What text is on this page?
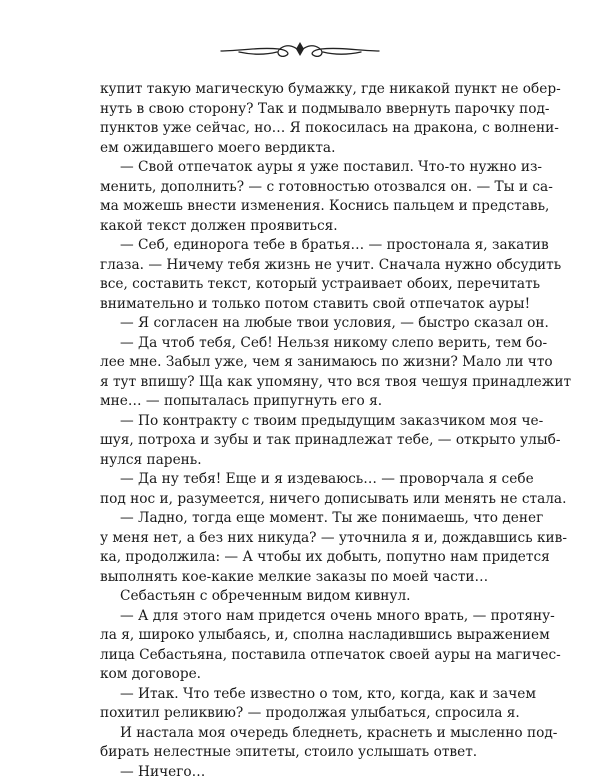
купит такую магическую бумажку, где никакой пункт не обер-
нуть в свою сторону? Так и подмывало ввернуть парочку под-
пунктов уже сейчас, но… Я покосилась на дракона, с волнени-
ем ожидавшего моего вердикта.
— Свой отпечаток ауры я уже поставил. Что-то нужно из-
менить, дополнить? — с готовностью отозвался он. — Ты и са-
ма можешь внести изменения. Коснись пальцем и представь,
какой текст должен проявиться.
— Себ, единорога тебе в братья… — простонала я, закатив
глаза. — Ничему тебя жизнь не учит. Сначала нужно обсудить
все, составить текст, который устраивает обоих, перечитать
внимательно и только потом ставить свой отпечаток ауры!
— Я согласен на любые твои условия, — быстро сказал он.
— Да чтоб тебя, Себ! Нельзя никому слепо верить, тем бо-
лее мне. Забыл уже, чем я занимаюсь по жизни? Мало ли что
я тут впишу? Ща как упомяну, что вся твоя чешуя принадлежит
мне… — попыталась припугнуть его я.
— По контракту с твоим предыдущим заказчиком моя че-
шуя, потроха и зубы и так принадлежат тебе, — открыто улыб-
нулся парень.
— Да ну тебя! Еще и я издеваюсь… — проворчала я себе
под нос и, разумеется, ничего дописывать или менять не стала.
— Ладно, тогда еще момент. Ты же понимаешь, что денег
у меня нет, а без них никуда? — уточнила я и, дождавшись кив-
ка, продолжила: — А чтобы их добыть, попутно нам придется
выполнять кое-какие мелкие заказы по моей части…
Себастьян с обреченным видом кивнул.
— А для этого нам придется очень много врать, — протяну-
ла я, широко улыбаясь, и, сполна насладившись выражением
лица Себастьяна, поставила отпечаток своей ауры на магичес-
ком договоре.
— Итак. Что тебе известно о том, кто, когда, как и зачем
похитил реликвию? — продолжая улыбаться, спросила я.
И настала моя очередь бледнеть, краснеть и мысленно под-
бирать нелестные эпитеты, стоило услышать ответ.
— Ничего…
